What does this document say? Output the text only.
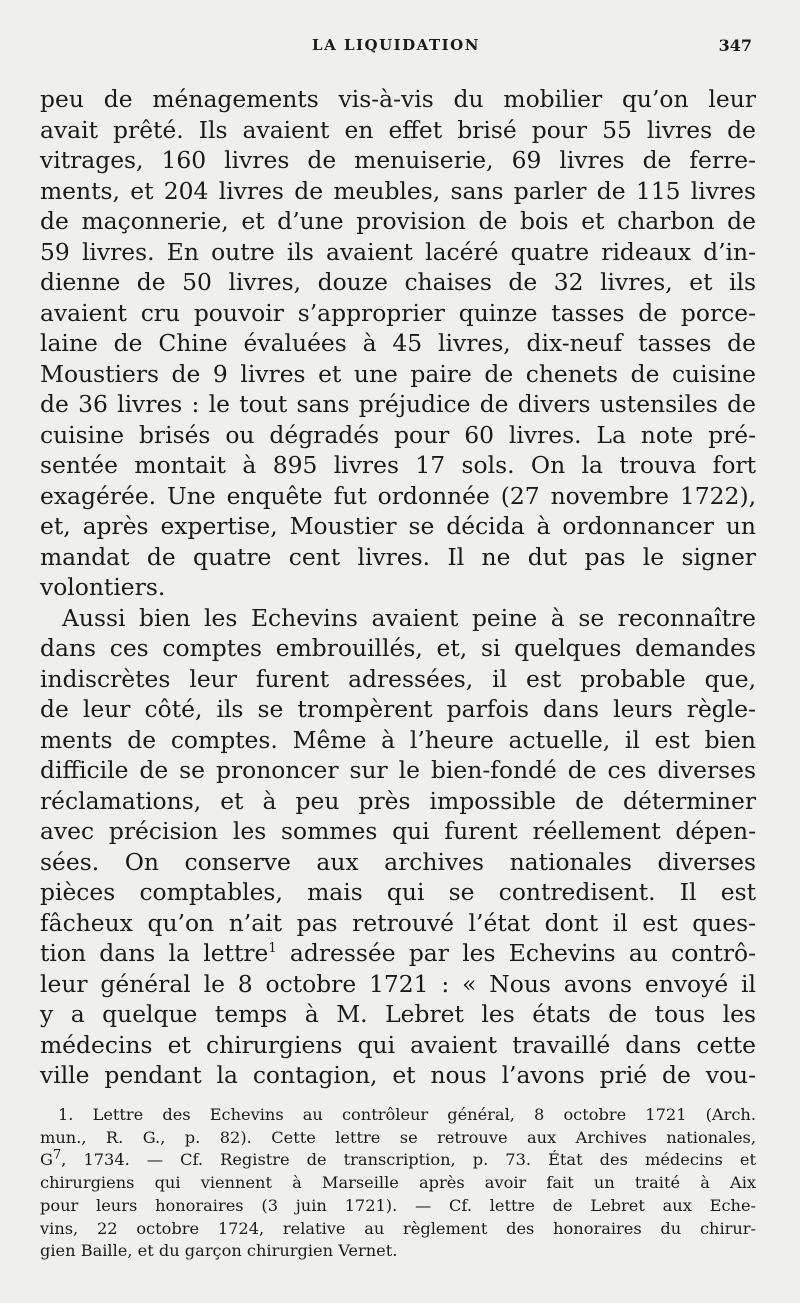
LA LIQUIDATION	347
peu de ménagements vis-à-vis du mobilier qu’on leur
avait prêté. Ils avaient en effet brisé pour 55 livres de
vitrages, 160 livres de menuiserie, 69 livres de ferre-
ments, et 204 livres de meubles, sans parler de 115 livres
de maçonnerie, et d’une provision de bois et charbon de
59 livres. En outre ils avaient lacéré quatre rideaux d’in-
dienne de 50 livres, douze chaises de 32 livres, et ils
avaient cru pouvoir s’approprier quinze tasses de porce-
laine de Chine évaluées à 45 livres, dix-neuf tasses de
Moustiers de 9 livres et une paire de chenets de cuisine
de 36 livres : le tout sans préjudice de divers ustensiles de
cuisine brisés ou dégradés pour 60 livres. La note pré-
sentée montait à 895 livres 17 sols. On la trouva fort
exagérée. Une enquête fut ordonnée (27 novembre 1722),
et, après expertise, Moustier se décida à ordonnancer un
mandat de quatre cent livres. Il ne dut pas le signer
volontiers.
Aussi bien les Echevins avaient peine à se reconnaître
dans ces comptes embrouillés, et, si quelques demandes
indiscrètes leur furent adressées, il est probable que,
de leur côté, ils se trompèrent parfois dans leurs règle-
ments de comptes. Même à l’heure actuelle, il est bien
difficile de se prononcer sur le bien-fondé de ces diverses
réclamations, et à peu près impossible de déterminer
avec précision les sommes qui furent réellement dépen-
sées. On conserve aux archives nationales diverses
pièces comptables, mais qui se contredisent. Il est
fâcheux qu’on n’ait pas retrouvé l’état dont il est ques-
tion dans la lettre$^1$ adressée par les Echevins au contrô-
leur général le 8 octobre 1721 : « Nous avons envoyé il
y a quelque temps à M. Lebret les états de tous les
médecins et chirurgiens qui avaient travaillé dans cette
ville pendant la contagion, et nous l’avons prié de vou-
1. Lettre des Echevins au contrôleur général, 8 octobre 1721 (Arch.
mun., R. G., p. 82). Cette lettre se retrouve aux Archives nationales,
$G^7$, 1734. — Cf. Registre de transcription, p. 73. État des médecins et
chirurgiens qui viennent à Marseille après avoir fait un traité à Aix
pour leurs honoraires (3 juin 1721). — Cf. lettre de Lebret aux Eche-
vins, 22 octobre 1724, relative au règlement des honoraires du chirur-
gien Baille, et du garçon chirurgien Vernet.
